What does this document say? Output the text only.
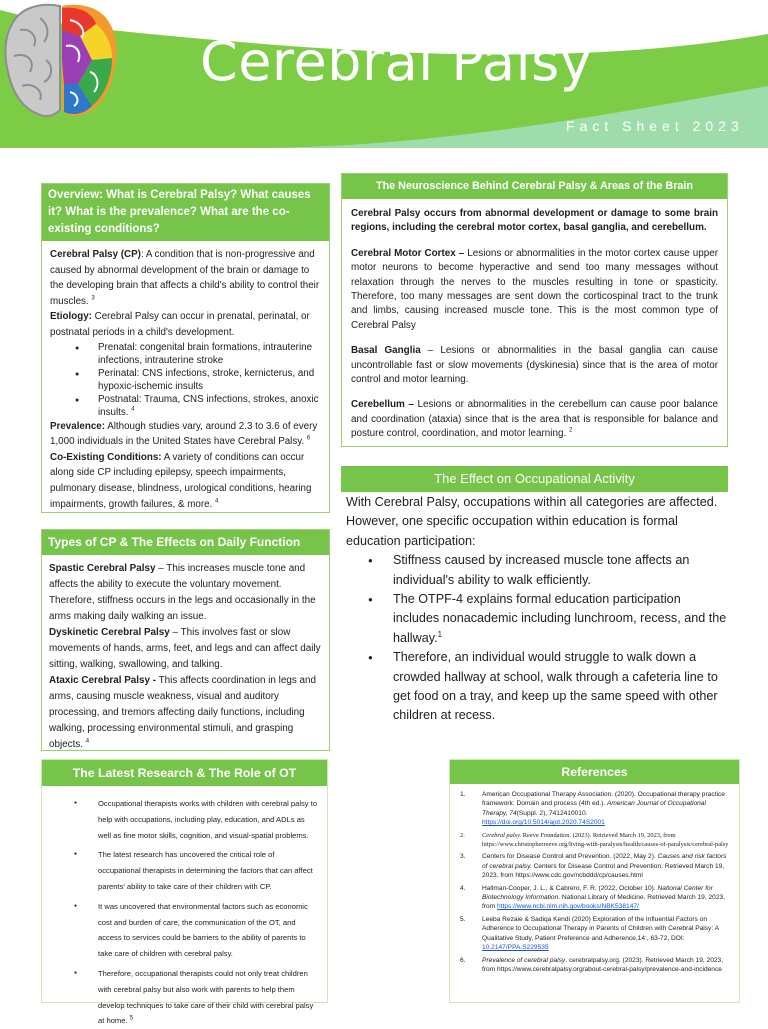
Cerebral Palsy
Fact Sheet 2023
Overview: What is Cerebral Palsy? What causes it? What is the prevalence? What are the co-existing conditions?
Cerebral Palsy (CP): A condition that is non-progressive and caused by abnormal development of the brain or damage to the developing brain that affects a child's ability to control their muscles. $^3$
Etiology: Cerebral Palsy can occur in prenatal, perinatal, or postnatal periods in a child's development.
● Prenatal: congenital brain formations, intrauterine infections, intrauterine stroke
● Perinatal: CNS infections, stroke, kernicterus, and hypoxic-ischemic insults
● Postnatal: Trauma, CNS infections, strokes, anoxic insults. $^4$
Prevalence: Although studies vary, around 2.3 to 3.6 of every 1,000 individuals in the United States have Cerebral Palsy. $^6$
Co-Existing Conditions: A variety of conditions can occur along side CP including epilepsy, speech impairments, pulmonary disease, blindness, urological conditions, hearing impairments, growth failures, & more. $^4$
Types of CP & The Effects on Daily Function
Spastic Cerebral Palsy – This increases muscle tone and affects the ability to execute the voluntary movement. Therefore, stiffness occurs in the legs and occasionally in the arms making daily walking an issue.
Dyskinetic Cerebral Palsy – This involves fast or slow movements of hands, arms, feet, and legs and can affect daily sitting, walking, swallowing, and talking.
Ataxic Cerebral Palsy - This affects coordination in legs and arms, causing muscle weakness, visual and auditory processing, and tremors affecting daily functions, including walking, processing environmental stimuli, and grasping objects. $^4$
The Neuroscience Behind Cerebral Palsy & Areas of the Brain

Cerebral Palsy occurs from abnormal development or damage to some brain regions, including the cerebral motor cortex, basal ganglia, and cerebellum.

Cerebral Motor Cortex – Lesions or abnormalities in the motor cortex cause upper motor neurons to become hyperactive and send too many messages without relaxation through the nerves to the muscles resulting in tone or spasticity. Therefore, too many messages are sent down the corticospinal tract to the trunk and limbs, causing increased muscle tone. This is the most common type of Cerebral Palsy

Basal Ganglia – Lesions or abnormalities in the basal ganglia can cause uncontrollable fast or slow movements (dyskinesia) since that is the area of motor control and motor learning.

Cerebellum – Lesions or abnormalities in the cerebellum can cause poor balance and coordination (ataxia) since that is the area that is responsible for balance and posture control, coordination, and motor learning. $^2$

The Effect on Occupational Activity
With Cerebral Palsy, occupations within all categories are affected. However, one specific occupation within education is formal education participation:
● Stiffness caused by increased muscle tone affects an individual's ability to walk efficiently.
● The OTPF-4 explains formal education participation includes nonacademic including lunchroom, recess, and the hallway.$^1$
● Therefore, an individual would struggle to walk down a crowded hallway at school, walk through a cafeteria line to get food on a tray, and keep up the same speed with other children at recess.
The Latest Research & The Role of OT
● Occupational therapists works with children with cerebral palsy to help with occupations, including play, education, and ADLs as well as fine motor skills, cognition, and visual-spatial problems.
● The latest research has uncovered the critical role of occupational therapists in determining the factors that can affect parents' ability to take care of their children with CP.
● It was uncovered that environmental factors such as economic cost and burden of care, the communication of the OT, and access to services could be barriers to the ability of parents to take care of children with cerebral palsy.
● Therefore, occupational therapists could not only treat children with cerebral palsy but also work with parents to help them develop techniques to take care of their child with cerebral palsy at home. $^5$
References
1.	American Occupational Therapy Association. (2020). Occupational therapy practice framework: Domain and process (4th ed.). American Journal of Occupational Therapy, 74(Suppl. 2), 7412410010.
https://doi.org/10.5014/ajot.2020.74S2001
2.	Cerebral palsy. Reeve Foundation. (2023). Retrieved March 19, 2023, from https://www.christopherreeve.org/living-with-paralysis/health/causes-of-paralysis/cerebral-palsy
3.	Centers for Disease Control and Prevention. (2022, May 2). Causes and risk factors of cerebral palsy. Centers for Disease Control and Prevention. Retrieved March 19, 2023, from https://www.cdc.gov/ncbddd/cp/causes.html
4.	Hallman-Cooper, J. L., & Cabrero, F. R. (2022, October 10). National Center for Biotechnology Information. National Library of Medicine. Retrieved March 19, 2023, from https://www.ncbi.nlm.nih.gov/books/NBK538147/
5.	Leeba Rezaie & Sadiqa Kendi (2020) Exploration of the Influential Factors on Adherence to Occupational Therapy in Parents of Children with Cerebral Palsy: A Qualitative Study, Patient Preference and Adherence,14:, 63-72, DOI: 10.2147/PPA.S229535
6.	Prevalence of cerebral palsy. cerebralpalsy.org. (2023). Retrieved March 19, 2023, from https://www.cerebralpalsy.org/about-cerebral-palsy/prevalence-and-incidence
